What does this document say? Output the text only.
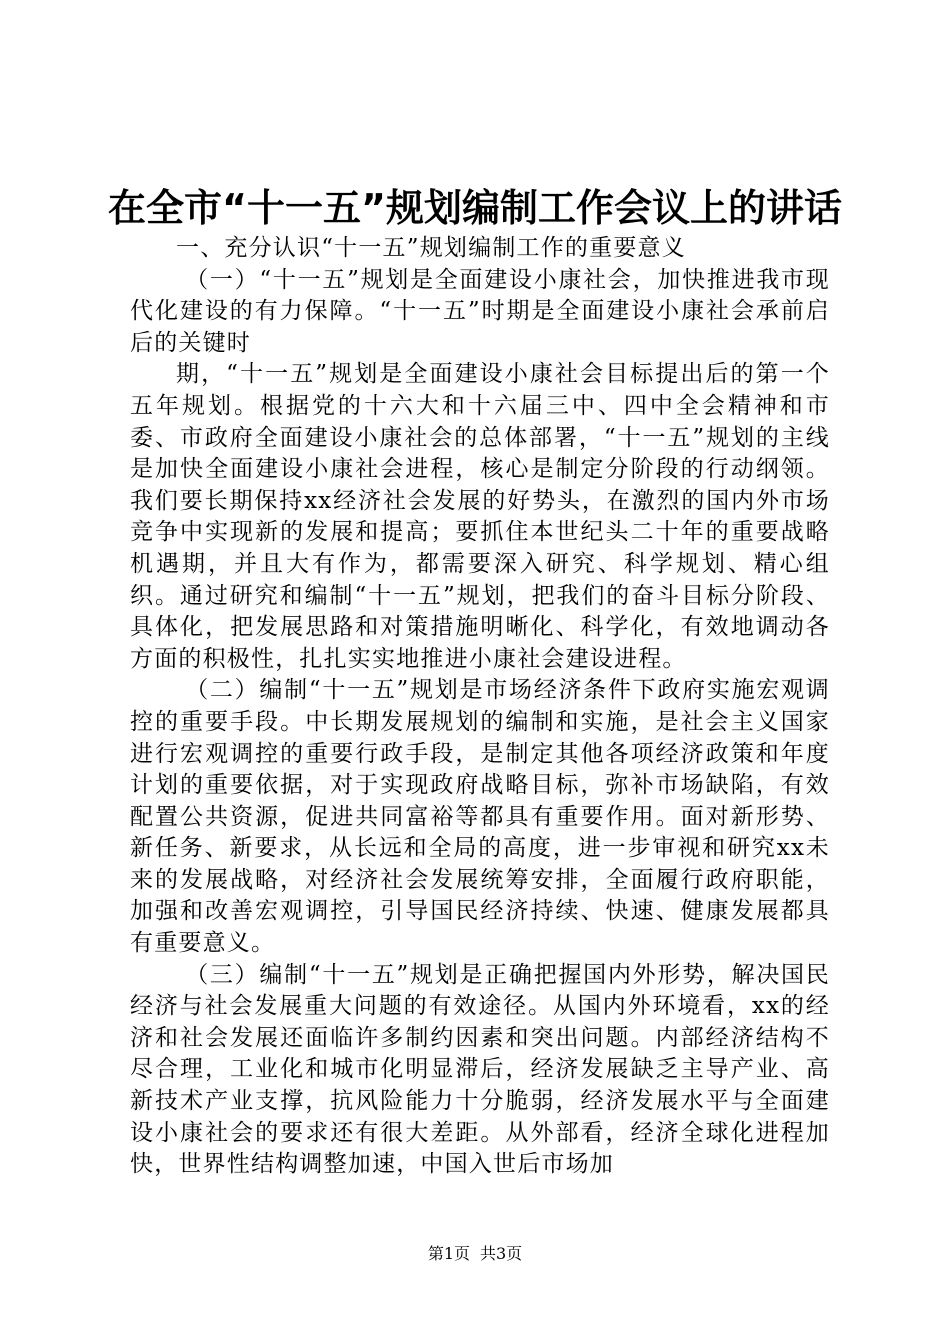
在全市“十一五”规划编制工作会议上的讲话

一、充分认识“十一五”规划编制工作的重要意义

（一）“十一五”规划是全面建设小康社会，加快推进我市现代化建设的有力保障。“十一五”时期是全面建设小康社会承前启后的关键时

期，“十一五”规划是全面建设小康社会目标提出后的第一个五年规划。根据党的十六大和十六届三中、四中全会精神和市委、市政府全面建设小康社会的总体部署，“十一五”规划的主线是加快全面建设小康社会进程，核心是制定分阶段的行动纲领。我们要长期保持xx经济社会发展的好势头，在激烈的国内外市场竞争中实现新的发展和提高；要抓住本世纪头二十年的重要战略机遇期，并且大有作为，都需要深入研究、科学规划、精心组织。通过研究和编制“十一五”规划，把我们的奋斗目标分阶段、具体化，把发展思路和对策措施明晰化、科学化，有效地调动各方面的积极性，扎扎实实地推进小康社会建设进程。

（二）编制“十一五”规划是市场经济条件下政府实施宏观调控的重要手段。中长期发展规划的编制和实施，是社会主义国家进行宏观调控的重要行政手段，是制定其他各项经济政策和年度计划的重要依据，对于实现政府战略目标，弥补市场缺陷，有效配置公共资源，促进共同富裕等都具有重要作用。面对新形势、新任务、新要求，从长远和全局的高度，进一步审视和研究xx未来的发展战略，对经济社会发展统筹安排，全面履行政府职能，加强和改善宏观调控，引导国民经济持续、快速、健康发展都具有重要意义。

（三）编制“十一五”规划是正确把握国内外形势，解决国民经济与社会发展重大问题的有效途径。从国内外环境看，xx的经济和社会发展还面临许多制约因素和突出问题。内部经济结构不尽合理，工业化和城市化明显滞后，经济发展缺乏主导产业、高新技术产业支撑，抗风险能力十分脆弱，经济发展水平与全面建设小康社会的要求还有很大差距。从外部看，经济全球化进程加快，世界性结构调整加速，中国入世后市场加

第1页 共3页
